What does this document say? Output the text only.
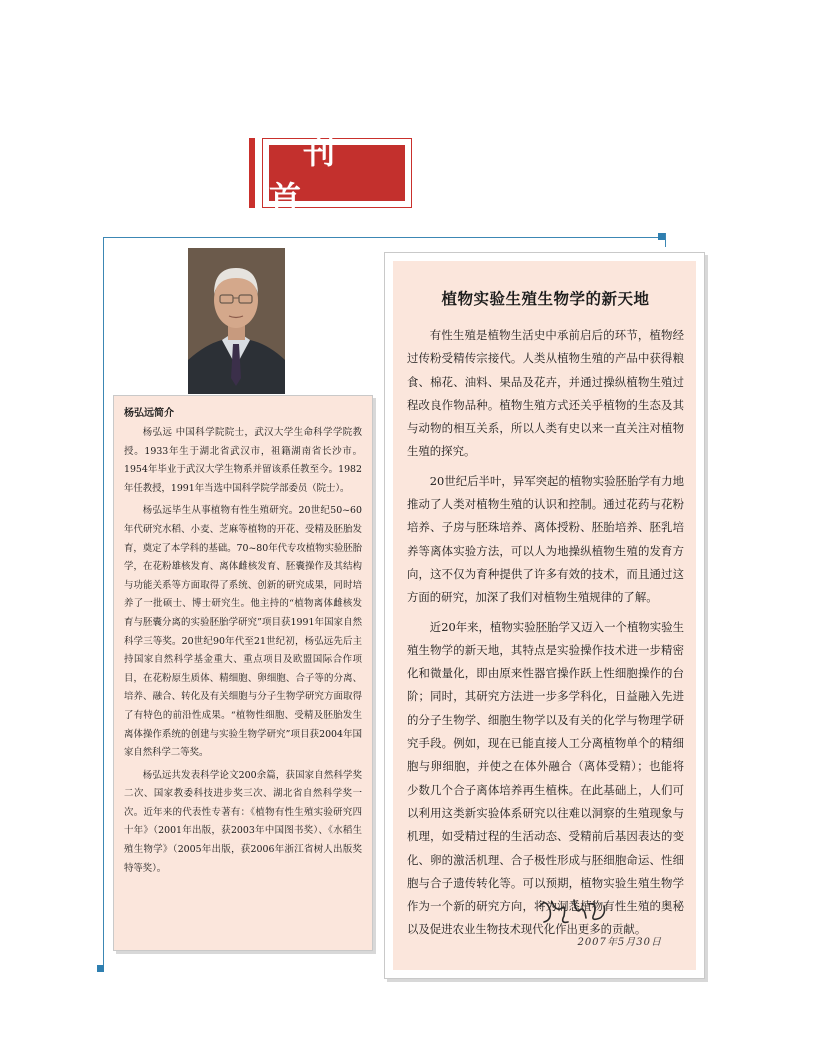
刊 首
杨弘远简介

杨弘远 中国科学院院士，武汉大学生命科学学院教授。1933年生于湖北省武汉市，祖籍湖南省长沙市。1954年毕业于武汉大学生物系并留该系任教至今。1982年任教授，1991年当选中国科学院学部委员（院士）。

杨弘远毕生从事植物有性生殖研究。20世纪50~60年代研究水稻、小麦、芝麻等植物的开花、受精及胚胎发育，奠定了本学科的基础。70~80年代专攻植物实验胚胎学，在花粉雄核发育、离体雌核发育、胚囊操作及其结构与功能关系等方面取得了系统、创新的研究成果，同时培养了一批硕士、博士研究生。他主持的“植物离体雌核发育与胚囊分离的实验胚胎学研究”项目获1991年国家自然科学三等奖。20世纪90年代至21世纪初，杨弘远先后主持国家自然科学基金重大、重点项目及欧盟国际合作项目，在花粉原生质体、精细胞、卵细胞、合子等的分离、培养、融合、转化及有关细胞与分子生物学研究方面取得了有特色的前沿性成果。“植物性细胞、受精及胚胎发生离体操作系统的创建与实验生物学研究”项目获2004年国家自然科学二等奖。

杨弘远共发表科学论文200余篇，获国家自然科学奖二次、国家教委科技进步奖三次、湖北省自然科学奖一次。近年来的代表性专著有：《植物有性生殖实验研究四十年》（2001年出版，获2003年中国图书奖）、《水稻生殖生物学》（2005年出版，获2006年浙江省树人出版奖特等奖）。

植物实验生殖生物学的新天地

有性生殖是植物生活史中承前启后的环节，植物经过传粉受精传宗接代。人类从植物生殖的产品中获得粮食、棉花、油料、果品及花卉，并通过操纵植物生殖过程改良作物品种。植物生殖方式还关乎植物的生态及其与动物的相互关系，所以人类有史以来一直关注对植物生殖的探究。

20世纪后半叶，异军突起的植物实验胚胎学有力地推动了人类对植物生殖的认识和控制。通过花药与花粉培养、子房与胚珠培养、离体授粉、胚胎培养、胚乳培养等离体实验方法，可以人为地操纵植物生殖的发育方向，这不仅为育种提供了许多有效的技术，而且通过这方面的研究，加深了我们对植物生殖规律的了解。

近20年来，植物实验胚胎学又迈入一个植物实验生殖生物学的新天地，其特点是实验操作技术进一步精密化和微量化，即由原来性器官操作跃上性细胞操作的台阶；同时，其研究方法进一步多学科化，日益融入先进的分子生物学、细胞生物学以及有关的化学与物理学研究手段。例如，现在已能直接人工分离植物单个的精细胞与卵细胞，并使之在体外融合（离体受精）；也能将少数几个合子离体培养再生植株。在此基础上，人们可以利用这类新实验体系研究以往难以洞察的生殖现象与机理，如受精过程的生活动态、受精前后基因表达的变化、卵的激活机理、合子极性形成与胚细胞命运、性细胞与合子遗传转化等。可以预期，植物实验生殖生物学作为一个新的研究方向，将为洞悉植物有性生殖的奥秘以及促进农业生物技术现代化作出更多的贡献。

2007年5月30日
